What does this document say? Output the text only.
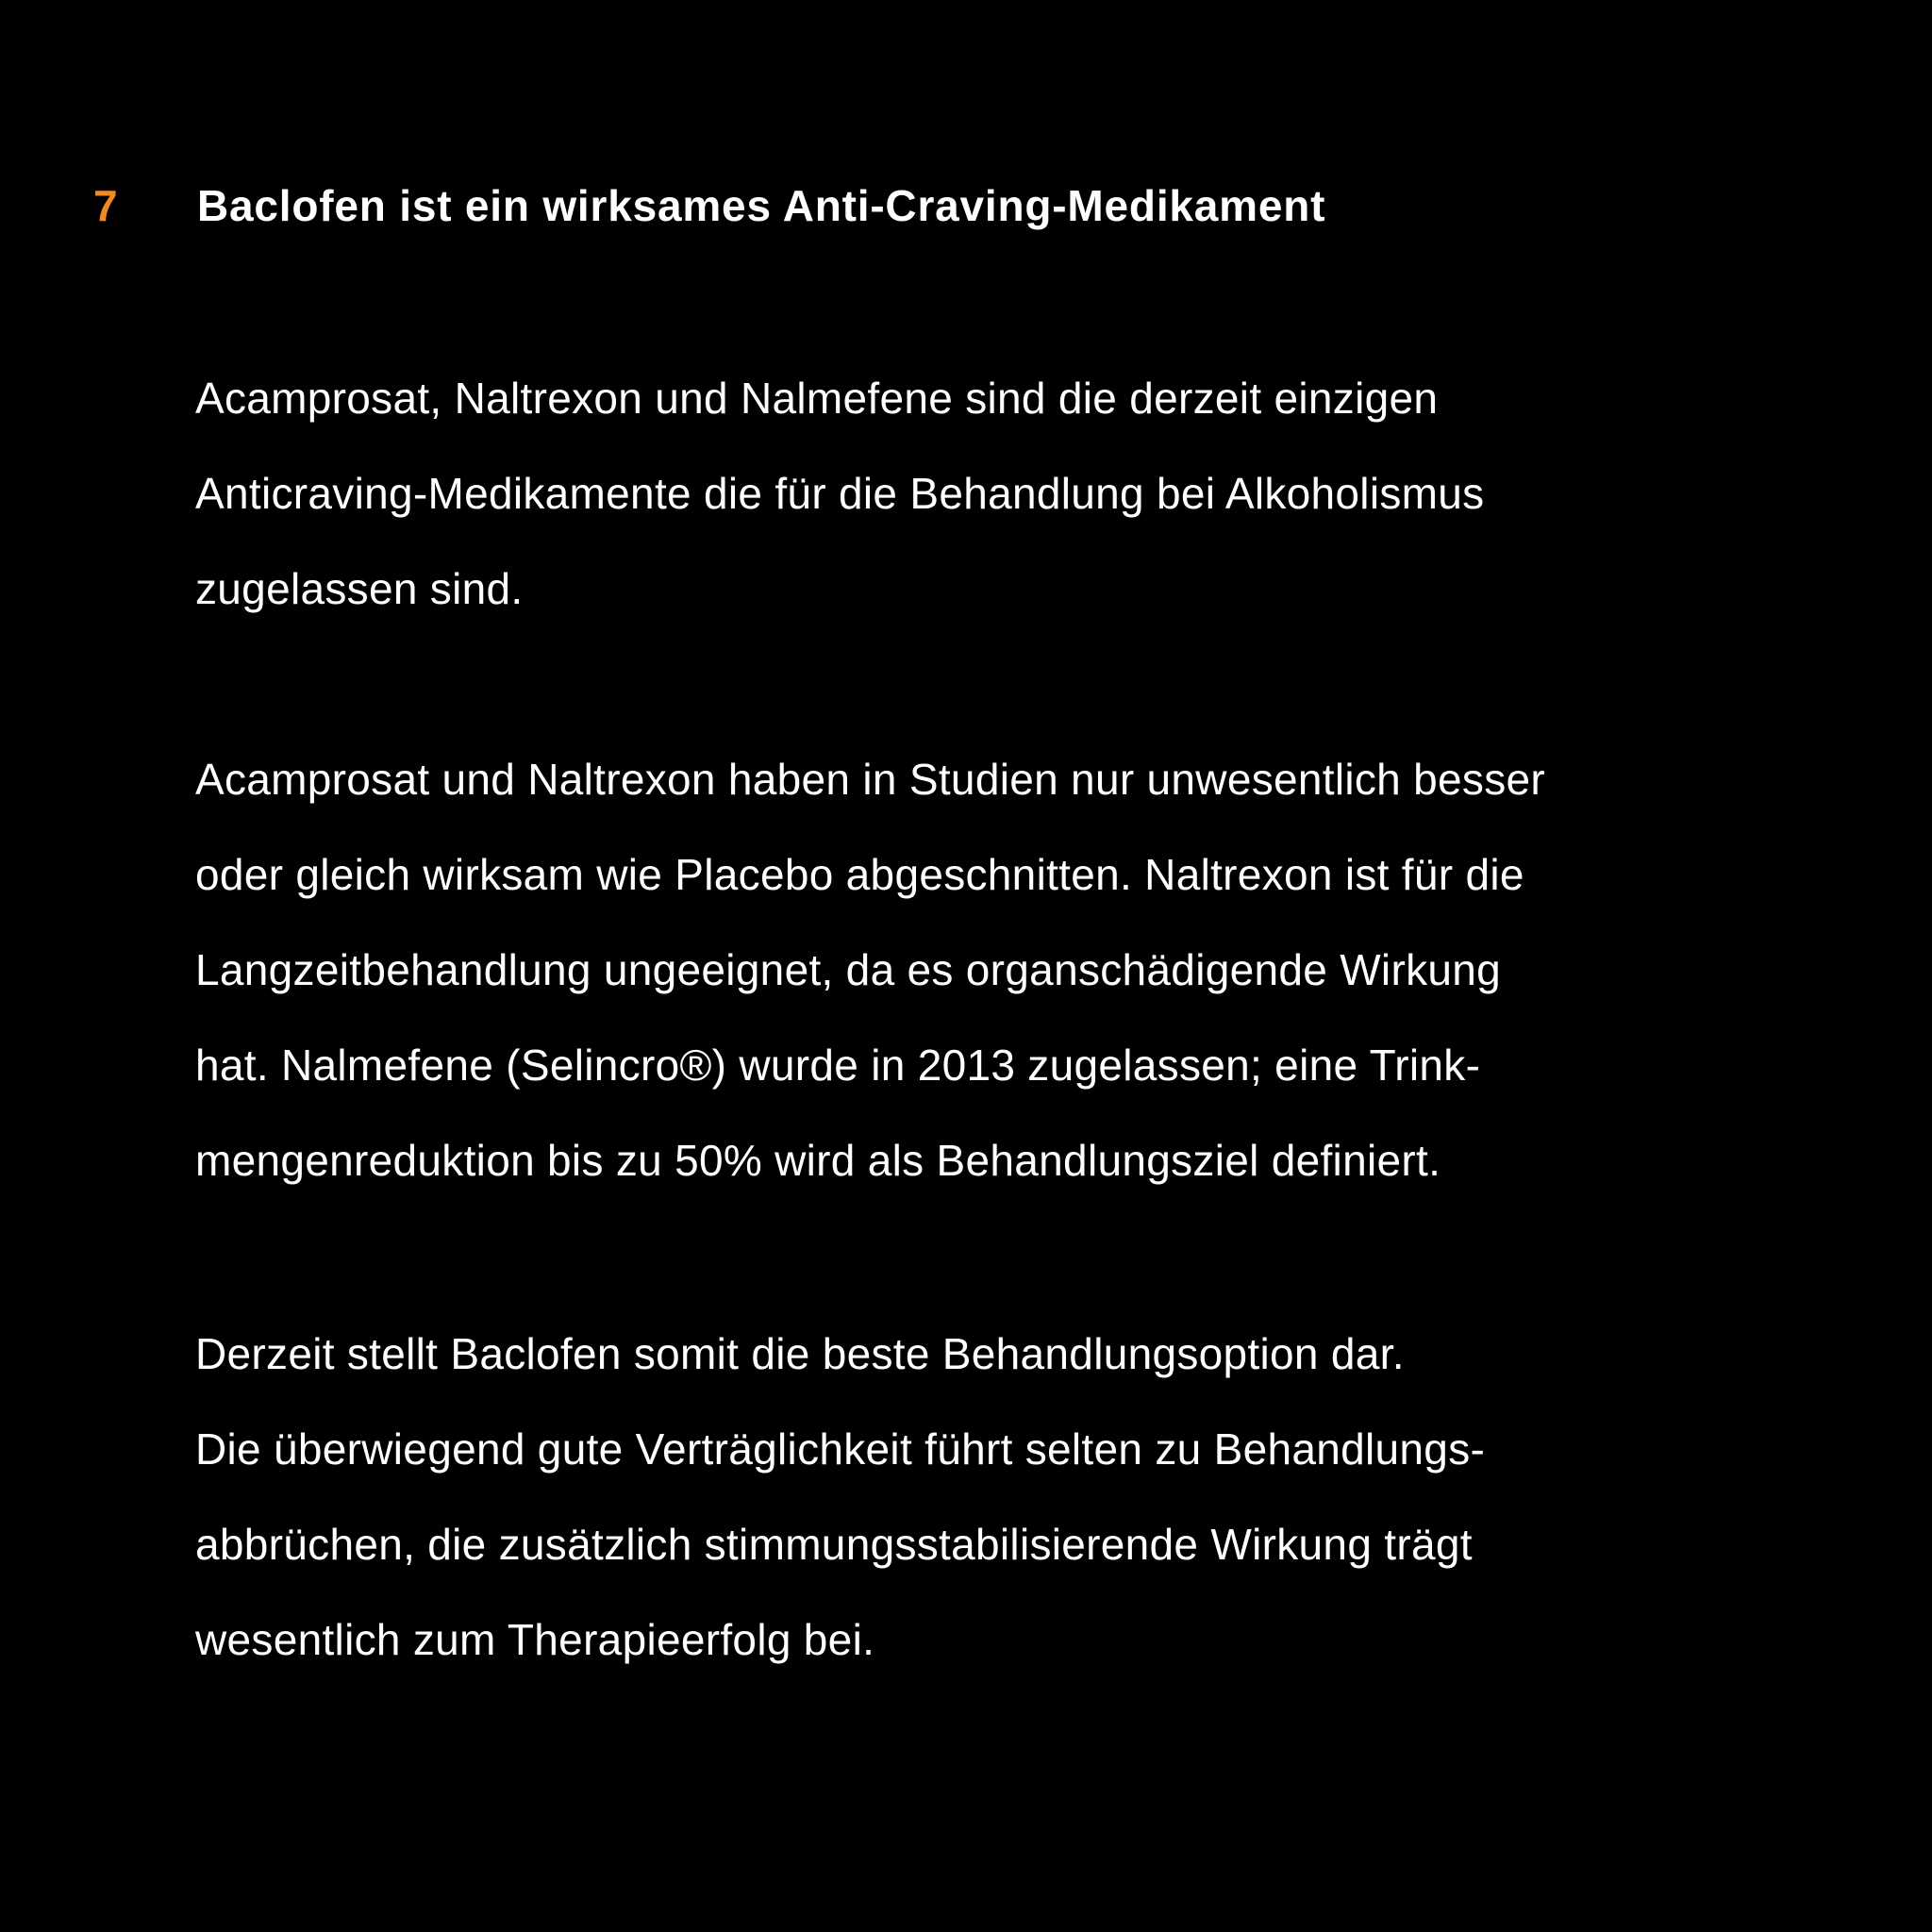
7 Baclofen ist ein wirksames Anti-Craving-Medikament
Acamprosat, Naltrexon und Nalmefene sind die derzeit einzigen
Anticraving-Medikamente die für die Behandlung bei Alkoholismus
zugelassen sind.
Acamprosat und Naltrexon haben in Studien nur unwesentlich besser
oder gleich wirksam wie Placebo abgeschnitten. Naltrexon ist für die
Langzeitbehandlung ungeeignet, da es organschädigende Wirkung
hat. Nalmefene (Selincro®) wurde in 2013 zugelassen; eine Trink-
mengenreduktion bis zu 50% wird als Behandlungsziel definiert.
Derzeit stellt Baclofen somit die beste Behandlungsoption dar.
Die überwiegend gute Verträglichkeit führt selten zu Behandlungs-
abbrüchen, die zusätzlich stimmungsstabilisierende Wirkung trägt
wesentlich zum Therapieerfolg bei.
